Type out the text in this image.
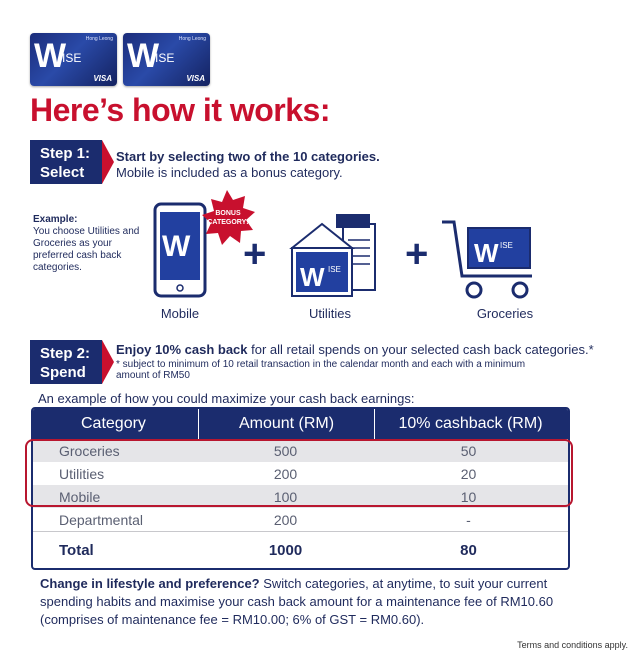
Hong Leong
W
ISE
VISA
Hong Leong
W
ISE
VISA
Here’s how it works:
Step 1:
Select
Start by selecting two of the 10 categories.
Mobile is included as a bonus category.
Example:
You choose Utilities and Groceries as your preferred cash back categories.
W
BONUS
CATEGORY!
Mobile
+
W ISE
Utilities
+ W ISE
Groceries
Step 2:
Spend
Enjoy 10% cash back for all retail spends on your selected cash back categories.*
* subject to minimum of 10 retail transaction in the calendar month and each with a minimum amount of RM50
An example of how you could maximize your cash back earnings:
Category	Amount (RM)	10% cashback (RM)
Groceries	500	50
Utilities	200	20
Mobile	100	10
Departmental	200	-
Total	1000	80
Change in lifestyle and preference? Switch categories, at anytime, to suit your current spending habits and maximise your cash back amount for a maintenance fee of RM10.60 (comprises of maintenance fee = RM10.00; 6% of GST = RM0.60).
Terms and conditions apply.
